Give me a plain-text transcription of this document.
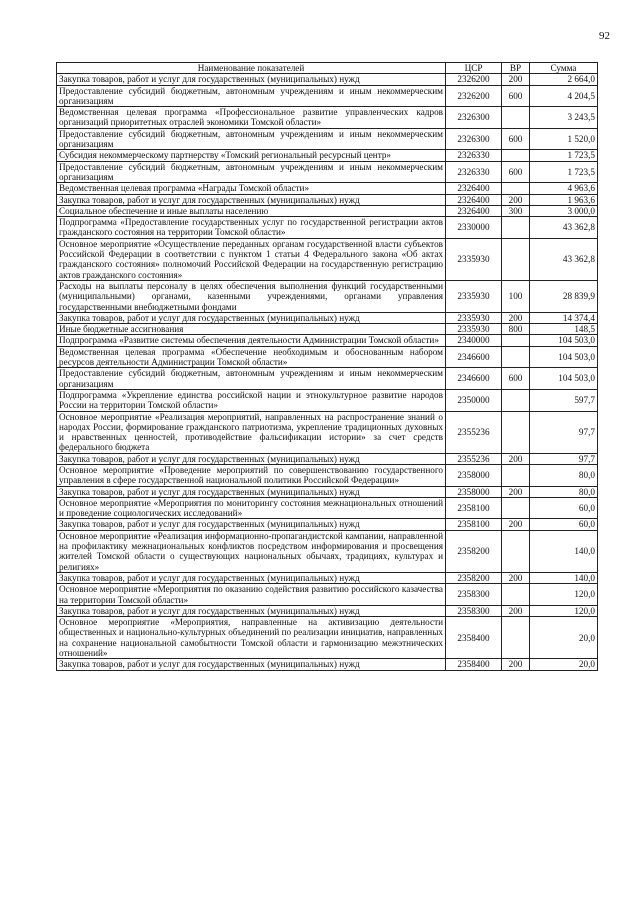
92
Наименование показателей	ЦСР	ВР	Сумма
Закупка товаров, работ и услуг для государственных (муниципальных) нужд	2326200	200	2 664,0
Предоставление субсидий бюджетным, автономным учреждениям и иным некоммерческим организациям	2326200	600	4 204,5
Ведомственная целевая программа «Профессиональное развитие управленческих кадров организаций приоритетных отраслей экономики Томской области»	2326300		3 243,5
Предоставление субсидий бюджетным, автономным учреждениям и иным некоммерческим организациям	2326300	600	1 520,0
Субсидия некоммерческому партнерству «Томский региональный ресурсный центр»	2326330		1 723,5
Предоставление субсидий бюджетным, автономным учреждениям и иным некоммерческим организациям	2326330	600	1 723,5
Ведомственная целевая программа «Награды Томской области»	2326400		4 963,6
Закупка товаров, работ и услуг для государственных (муниципальных) нужд	2326400	200	1 963,6
Социальное обеспечение и иные выплаты населению	2326400	300	3 000,0
Подпрограмма «Предоставление государственных услуг по государственной регистрации актов гражданского состояния на территории Томской области»	2330000		43 362,8
Основное мероприятие «Осуществление переданных органам государственной власти субъектов Российской Федерации в соответствии с пунктом 1 статьи 4 Федерального закона «Об актах гражданского состояния» полномочий Российской Федерации на государственную регистрацию актов гражданского состояния»	2335930		43 362,8
Расходы на выплаты персоналу в целях обеспечения выполнения функций государственными (муниципальными) органами, казенными учреждениями, органами управления государственными внебюджетными фондами	2335930	100	28 839,9
Закупка товаров, работ и услуг для государственных (муниципальных) нужд	2335930	200	14 374,4
Иные бюджетные ассигнования	2335930	800	148,5
Подпрограмма «Развитие системы обеспечения деятельности Администрации Томской области»	2340000		104 503,0
Ведомственная целевая программа «Обеспечение необходимым и обоснованным набором ресурсов деятельности Администрации Томской области»	2346600		104 503,0
Предоставление субсидий бюджетным, автономным учреждениям и иным некоммерческим организациям	2346600	600	104 503,0
Подпрограмма «Укрепление единства российской нации и этнокультурное развитие народов России на территории Томской области»	2350000		597,7
Основное мероприятие «Реализация мероприятий, направленных на распространение знаний о народах России, формирование гражданского патриотизма, укрепление традиционных духовных и нравственных ценностей, противодействие фальсификации истории» за счет средств федерального бюджета	2355236		97,7
Закупка товаров, работ и услуг для государственных (муниципальных) нужд	2355236	200	97,7
Основное мероприятие «Проведение мероприятий по совершенствованию государственного управления в сфере государственной национальной политики Российской Федерации»	2358000		80,0
Закупка товаров, работ и услуг для государственных (муниципальных) нужд	2358000	200	80,0
Основное мероприятие «Мероприятия по мониторингу состояния межнациональных отношений и проведение социологических исследований»	2358100		60,0
Закупка товаров, работ и услуг для государственных (муниципальных) нужд	2358100	200	60,0
Основное мероприятие «Реализация информационно-пропагандистской кампании, направленной на профилактику межнациональных конфликтов посредством информирования и просвещения жителей Томской области о существующих национальных обычаях, традициях, культурах и религиях»	2358200		140,0
Закупка товаров, работ и услуг для государственных (муниципальных) нужд	2358200	200	140,0
Основное мероприятие «Мероприятия по оказанию содействия развитию российского казачества на территории Томской области»	2358300		120,0
Закупка товаров, работ и услуг для государственных (муниципальных) нужд	2358300	200	120,0
Основное мероприятие «Мероприятия, направленные на активизацию деятельности общественных и национально-культурных объединений по реализации инициатив, направленных на сохранение национальной самобытности Томской области и гармонизацию межэтнических отношений»	2358400		20,0
Закупка товаров, работ и услуг для государственных (муниципальных) нужд	2358400	200	20,0
